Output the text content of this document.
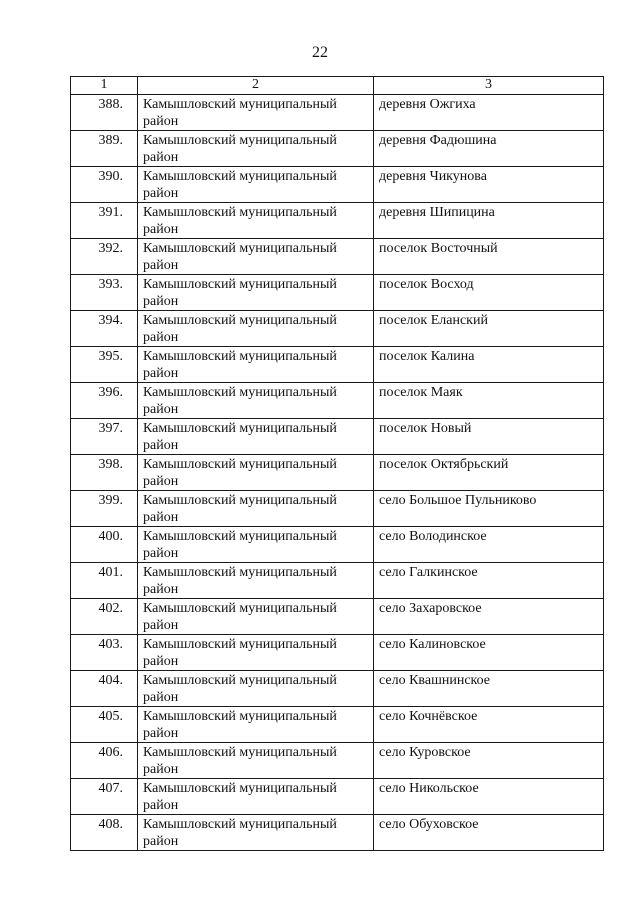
22
1	2	3
388.	Камышловский муниципальный район	деревня Ожгиха
389.	Камышловский муниципальный район	деревня Фадюшина
390.	Камышловский муниципальный район	деревня Чикунова
391.	Камышловский муниципальный район	деревня Шипицина
392.	Камышловский муниципальный район	поселок Восточный
393.	Камышловский муниципальный район	поселок Восход
394.	Камышловский муниципальный район	поселок Еланский
395.	Камышловский муниципальный район	поселок Калина
396.	Камышловский муниципальный район	поселок Маяк
397.	Камышловский муниципальный район	поселок Новый
398.	Камышловский муниципальный район	поселок Октябрьский
399.	Камышловский муниципальный район	село Большое Пульниково
400.	Камышловский муниципальный район	село Володинское
401.	Камышловский муниципальный район	село Галкинское
402.	Камышловский муниципальный район	село Захаровское
403.	Камышловский муниципальный район	село Калиновское
404.	Камышловский муниципальный район	село Квашнинское
405.	Камышловский муниципальный район	село Кочнёвское
406.	Камышловский муниципальный район	село Куровское
407.	Камышловский муниципальный район	село Никольское
408.	Камышловский муниципальный район	село Обуховское
